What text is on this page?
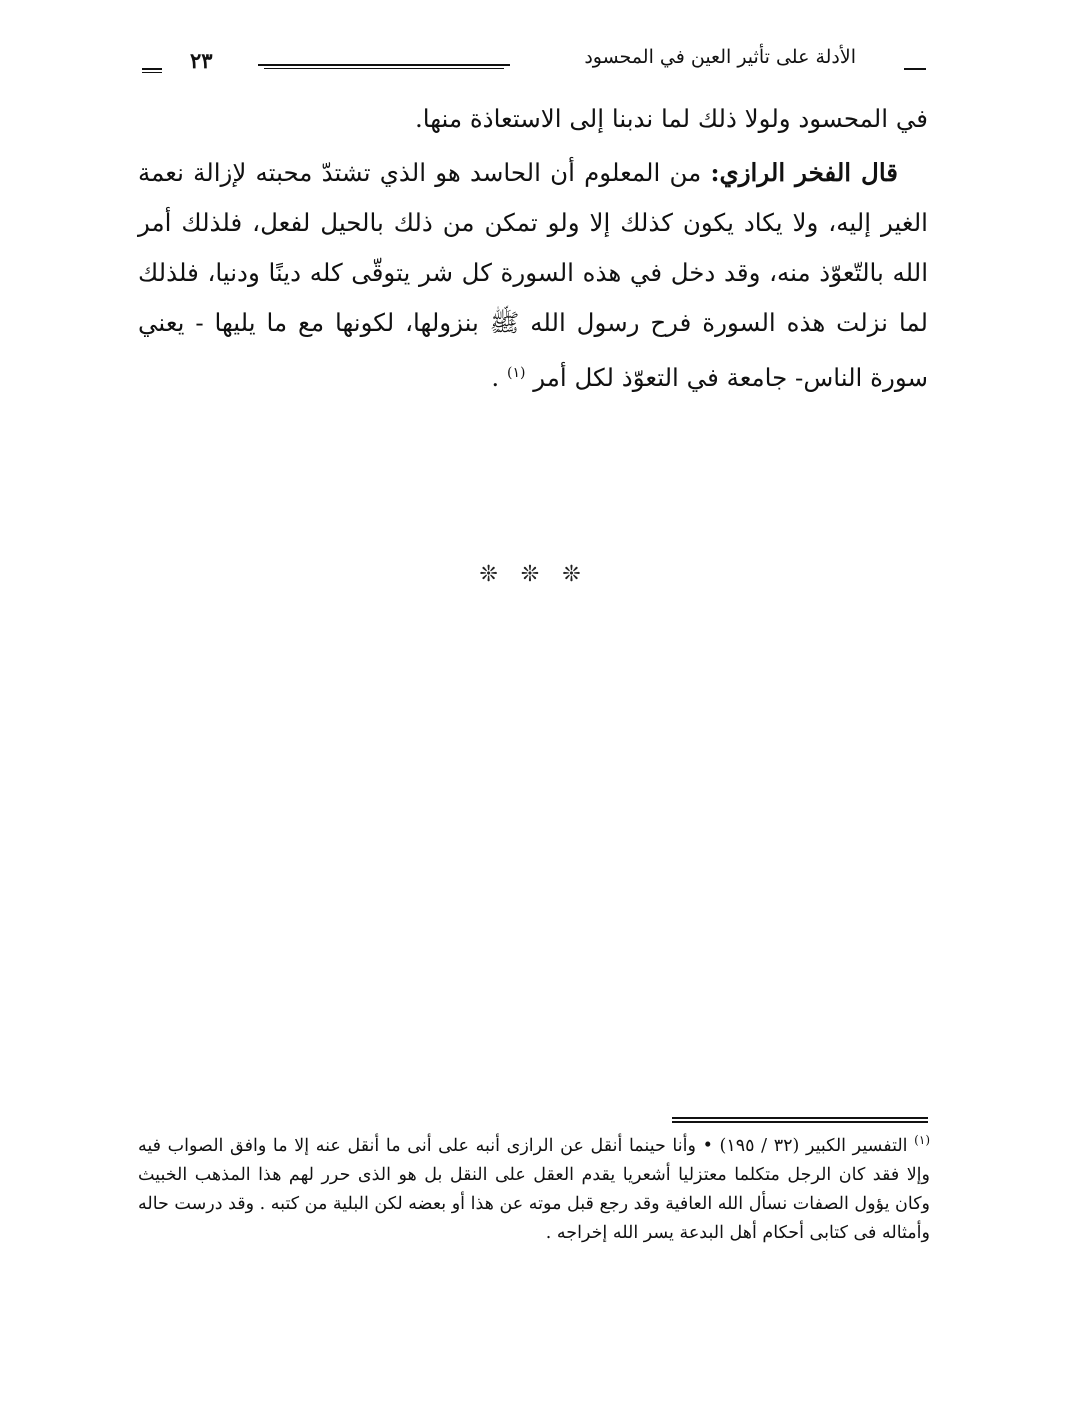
٢٣	الأدلة على تأثير العين في المحسود

في المحسود ولولا ذلك لما ندبنا إلى الاستعاذة منها.

قال الفخر الرازي: من المعلوم أن الحاسد هو الذي تشتدّ محبته لإزالة نعمة الغير إليه، ولا يكاد يكون كذلك إلا ولو تمكن من ذلك بالحيل لفعل، فلذلك أمر الله بالتّعوّذ منه، وقد دخل في هذه السورة كل شر يتوقّى كله دينًا ودنيا، فلذلك لما نزلت هذه السورة فرح رسول الله ﷺ بنزولها، لكونها مع ما يليها - يعني سورة الناس- جامعة في التعوّذ لكل أمر $^{(١)}$ .

❊ ❊ ❊

$^{(١)}$ التفسير الكبير (٣٢ / ١٩٥) • وأنا حينما أنقل عن الرازى أنبه على أنى ما أنقل عنه إلا ما وافق الصواب فيه وإلا فقد كان الرجل متكلما معتزليا أشعريا يقدم العقل على النقل بل هو الذى حرر لهم هذا المذهب الخبيث وكان يؤول الصفات نسأل الله العافية وقد رجع قبل موته عن هذا أو بعضه لكن البلية من كتبه . وقد درست حاله وأمثاله فى كتابى أحكام أهل البدعة يسر الله إخراجه .
